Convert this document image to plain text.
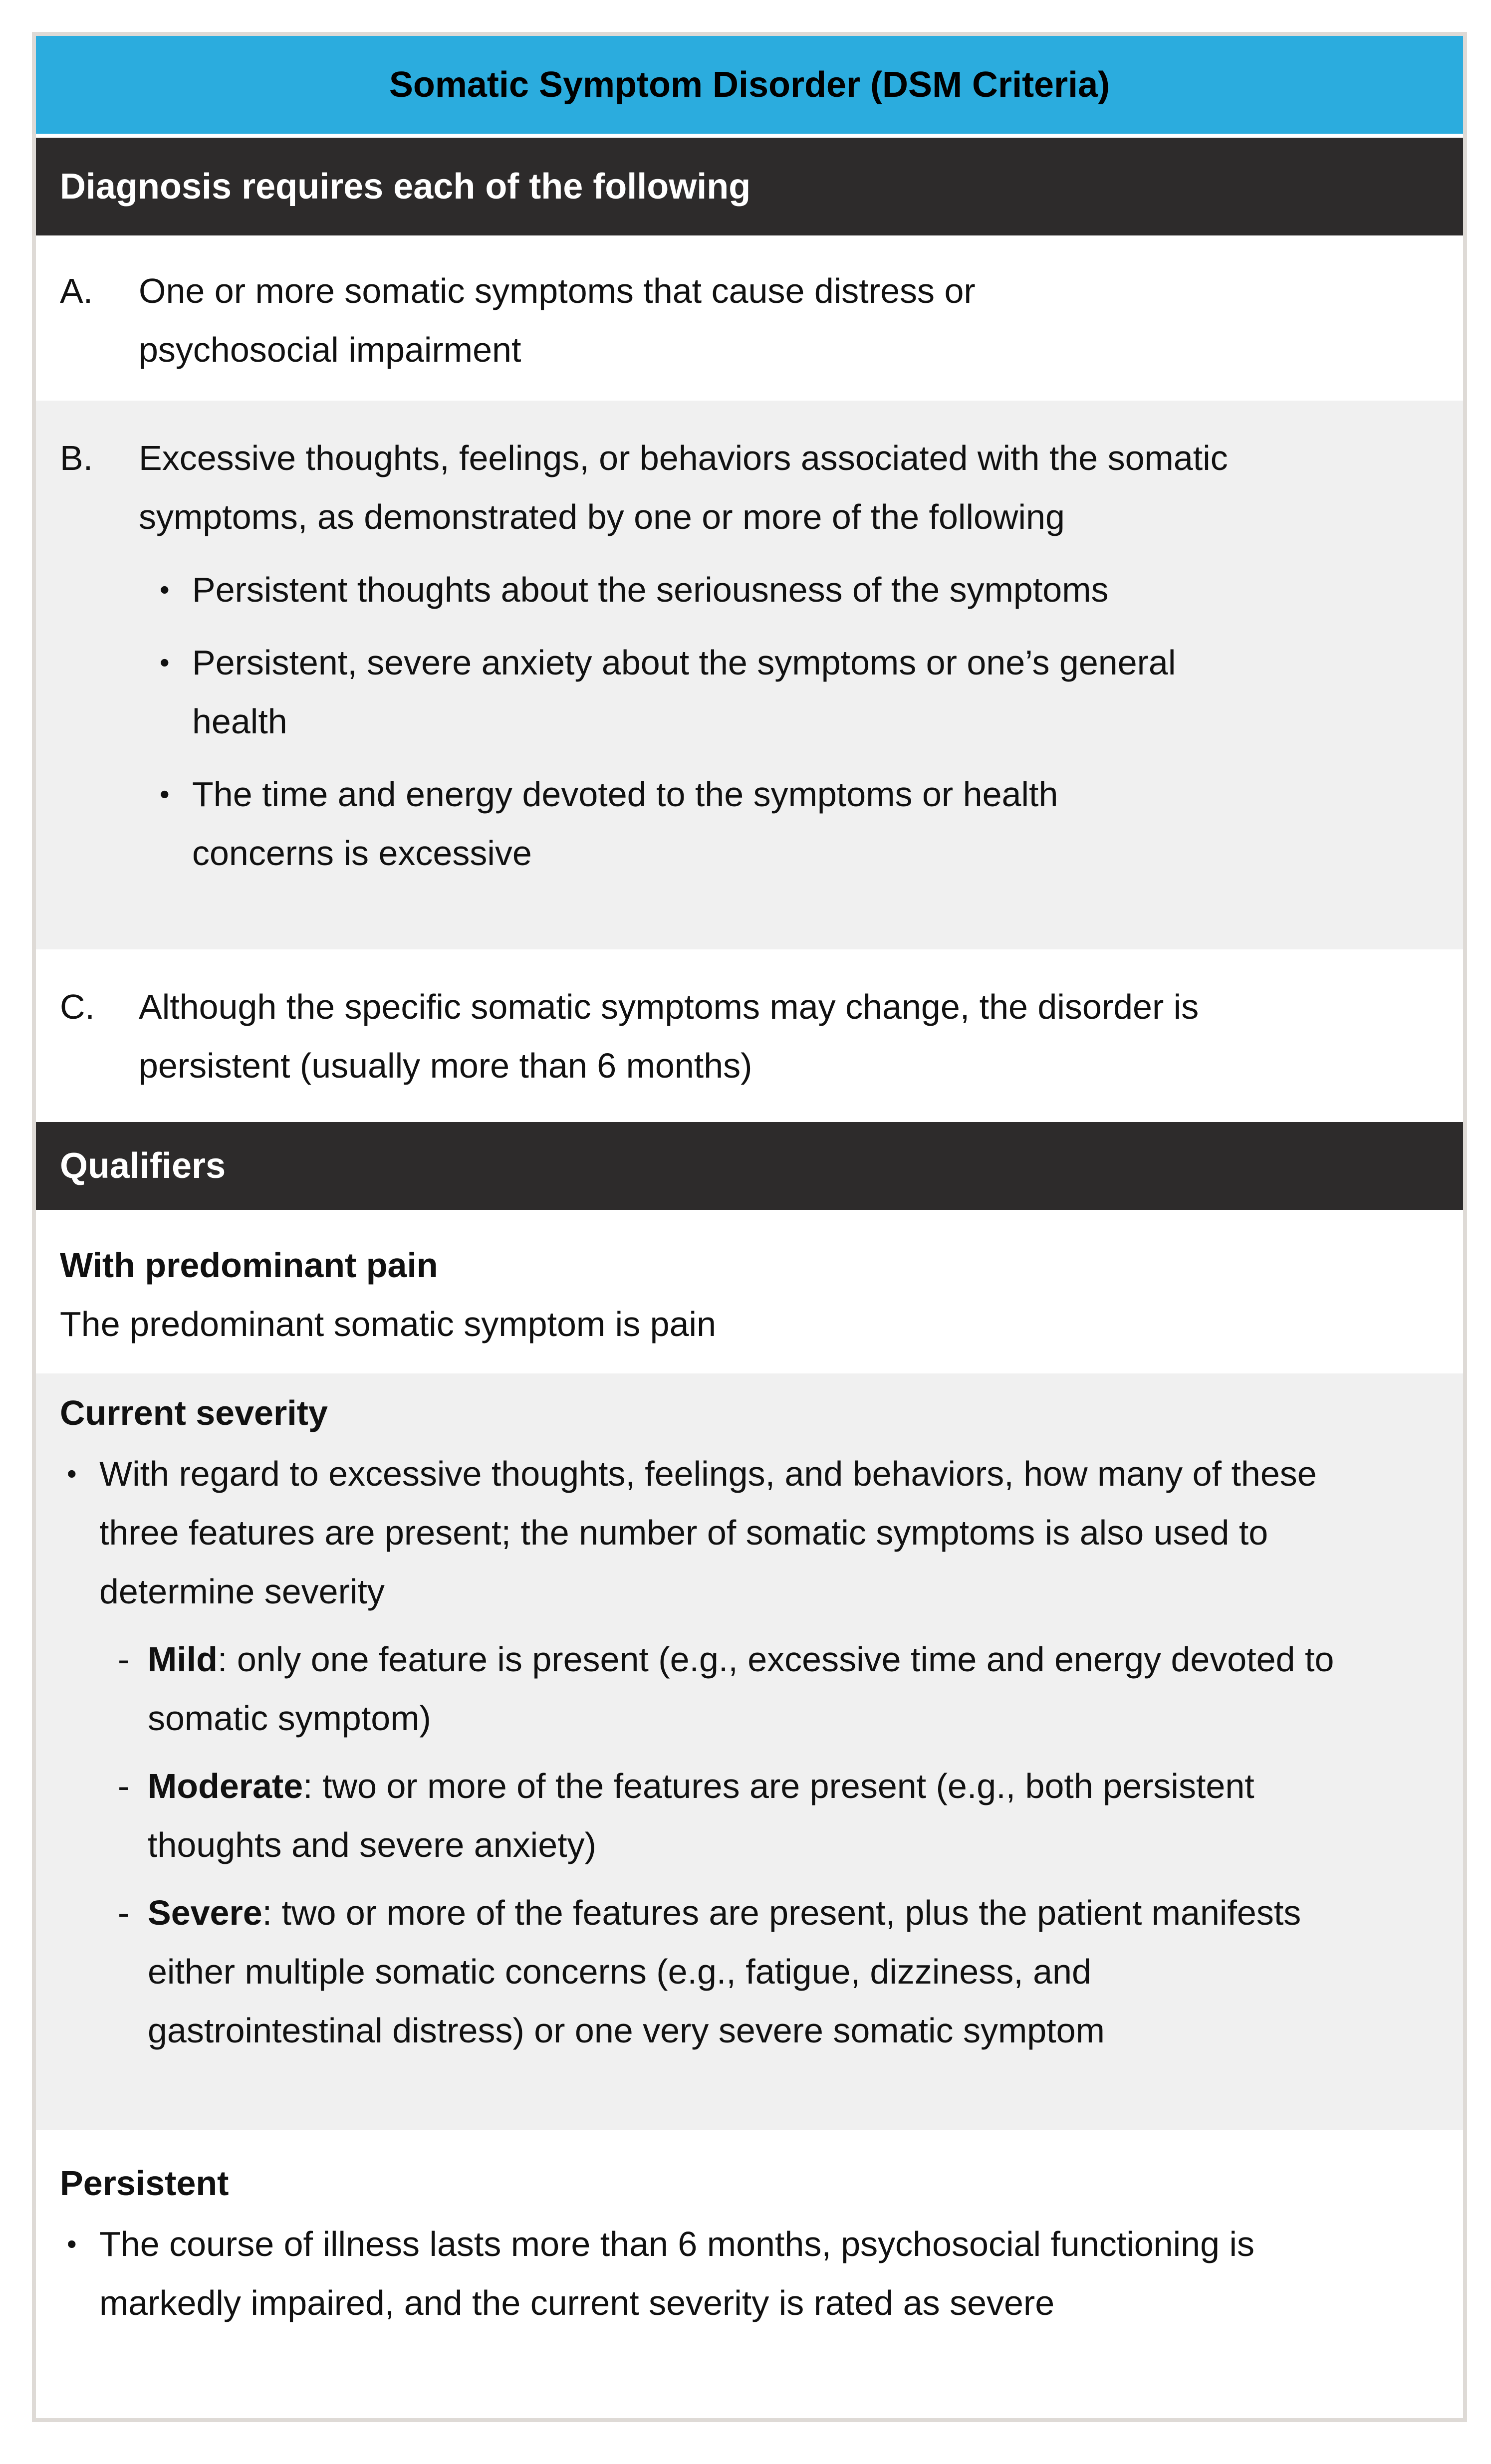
Somatic Symptom Disorder (DSM Criteria)
Diagnosis requires each of the following
A.	One or more somatic symptoms that cause distress or psychosocial impairment
B.	Excessive thoughts, feelings, or behaviors associated with the somatic symptoms, as demonstrated by one or more of the following
• Persistent thoughts about the seriousness of the symptoms
• Persistent, severe anxiety about the symptoms or one’s general health
• The time and energy devoted to the symptoms or health concerns is excessive
C.	Although the specific somatic symptoms may change, the disorder is persistent (usually more than 6 months)
Qualifiers
With predominant pain
The predominant somatic symptom is pain
Current severity
• With regard to excessive thoughts, feelings, and behaviors, how many of these three features are present; the number of somatic symptoms is also used to determine severity
- Mild: only one feature is present (e.g., excessive time and energy devoted to somatic symptom)
- Moderate: two or more of the features are present (e.g., both persistent thoughts and severe anxiety)
- Severe: two or more of the features are present, plus the patient manifests either multiple somatic concerns (e.g., fatigue, dizziness, and gastrointestinal distress) or one very severe somatic symptom
Persistent
• The course of illness lasts more than 6 months, psychosocial functioning is markedly impaired, and the current severity is rated as severe
